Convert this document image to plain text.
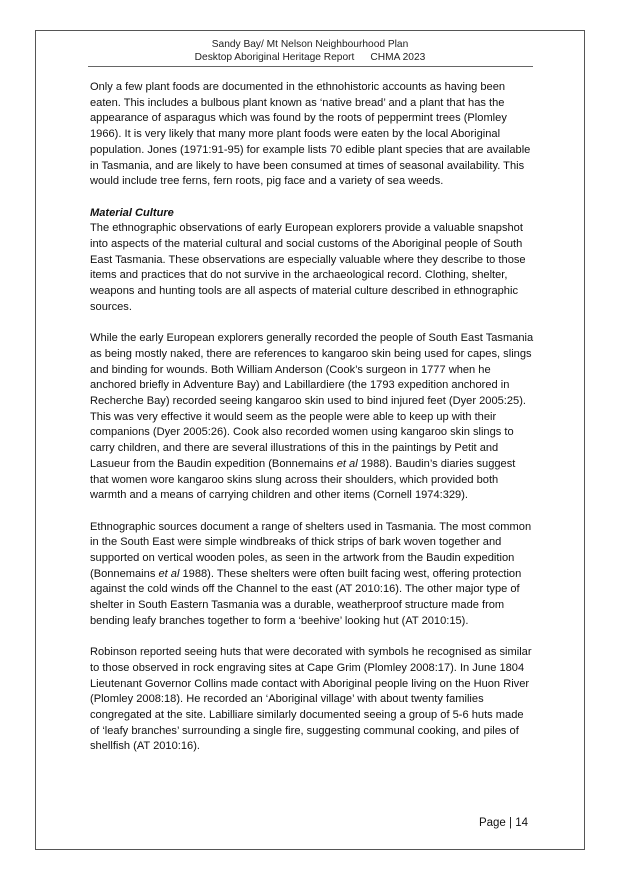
Sandy Bay/ Mt Nelson Neighbourhood Plan
Desktop Aboriginal Heritage Report CHMA 2023

Only a few plant foods are documented in the ethnohistoric accounts as having been eaten. This includes a bulbous plant known as ‘native bread’ and a plant that has the appearance of asparagus which was found by the roots of peppermint trees (Plomley 1966). It is very likely that many more plant foods were eaten by the local Aboriginal population. Jones (1971:91-95) for example lists 70 edible plant species that are available in Tasmania, and are likely to have been consumed at times of seasonal availability. This would include tree ferns, fern roots, pig face and a variety of sea weeds.

Material Culture

The ethnographic observations of early European explorers provide a valuable snapshot into aspects of the material cultural and social customs of the Aboriginal people of South East Tasmania. These observations are especially valuable where they describe to those items and practices that do not survive in the archaeological record. Clothing, shelter, weapons and hunting tools are all aspects of material culture described in ethnographic sources.

While the early European explorers generally recorded the people of South East Tasmania as being mostly naked, there are references to kangaroo skin being used for capes, slings and binding for wounds. Both William Anderson (Cook’s surgeon in 1777 when he anchored briefly in Adventure Bay) and Labillardiere (the 1793 expedition anchored in Recherche Bay) recorded seeing kangaroo skin used to bind injured feet (Dyer 2005:25). This was very effective it would seem as the people were able to keep up with their companions (Dyer 2005:26). Cook also recorded women using kangaroo skin slings to carry children, and there are several illustrations of this in the paintings by Petit and Lasueur from the Baudin expedition (Bonnemains et al 1988). Baudin’s diaries suggest that women wore kangaroo skins slung across their shoulders, which provided both warmth and a means of carrying children and other items (Cornell 1974:329).

Ethnographic sources document a range of shelters used in Tasmania. The most common in the South East were simple windbreaks of thick strips of bark woven together and supported on vertical wooden poles, as seen in the artwork from the Baudin expedition (Bonnemains et al 1988). These shelters were often built facing west, offering protection against the cold winds off the Channel to the east (AT 2010:16). The other major type of shelter in South Eastern Tasmania was a durable, weatherproof structure made from bending leafy branches together to form a ‘beehive’ looking hut (AT 2010:15).

Robinson reported seeing huts that were decorated with symbols he recognised as similar to those observed in rock engraving sites at Cape Grim (Plomley 2008:17). In June 1804 Lieutenant Governor Collins made contact with Aboriginal people living on the Huon River (Plomley 2008:18). He recorded an ‘Aboriginal village’ with about twenty families congregated at the site. Labilliare similarly documented seeing a group of 5-6 huts made of ‘leafy branches’ surrounding a single fire, suggesting communal cooking, and piles of shellfish (AT 2010:16).

Page | 14
